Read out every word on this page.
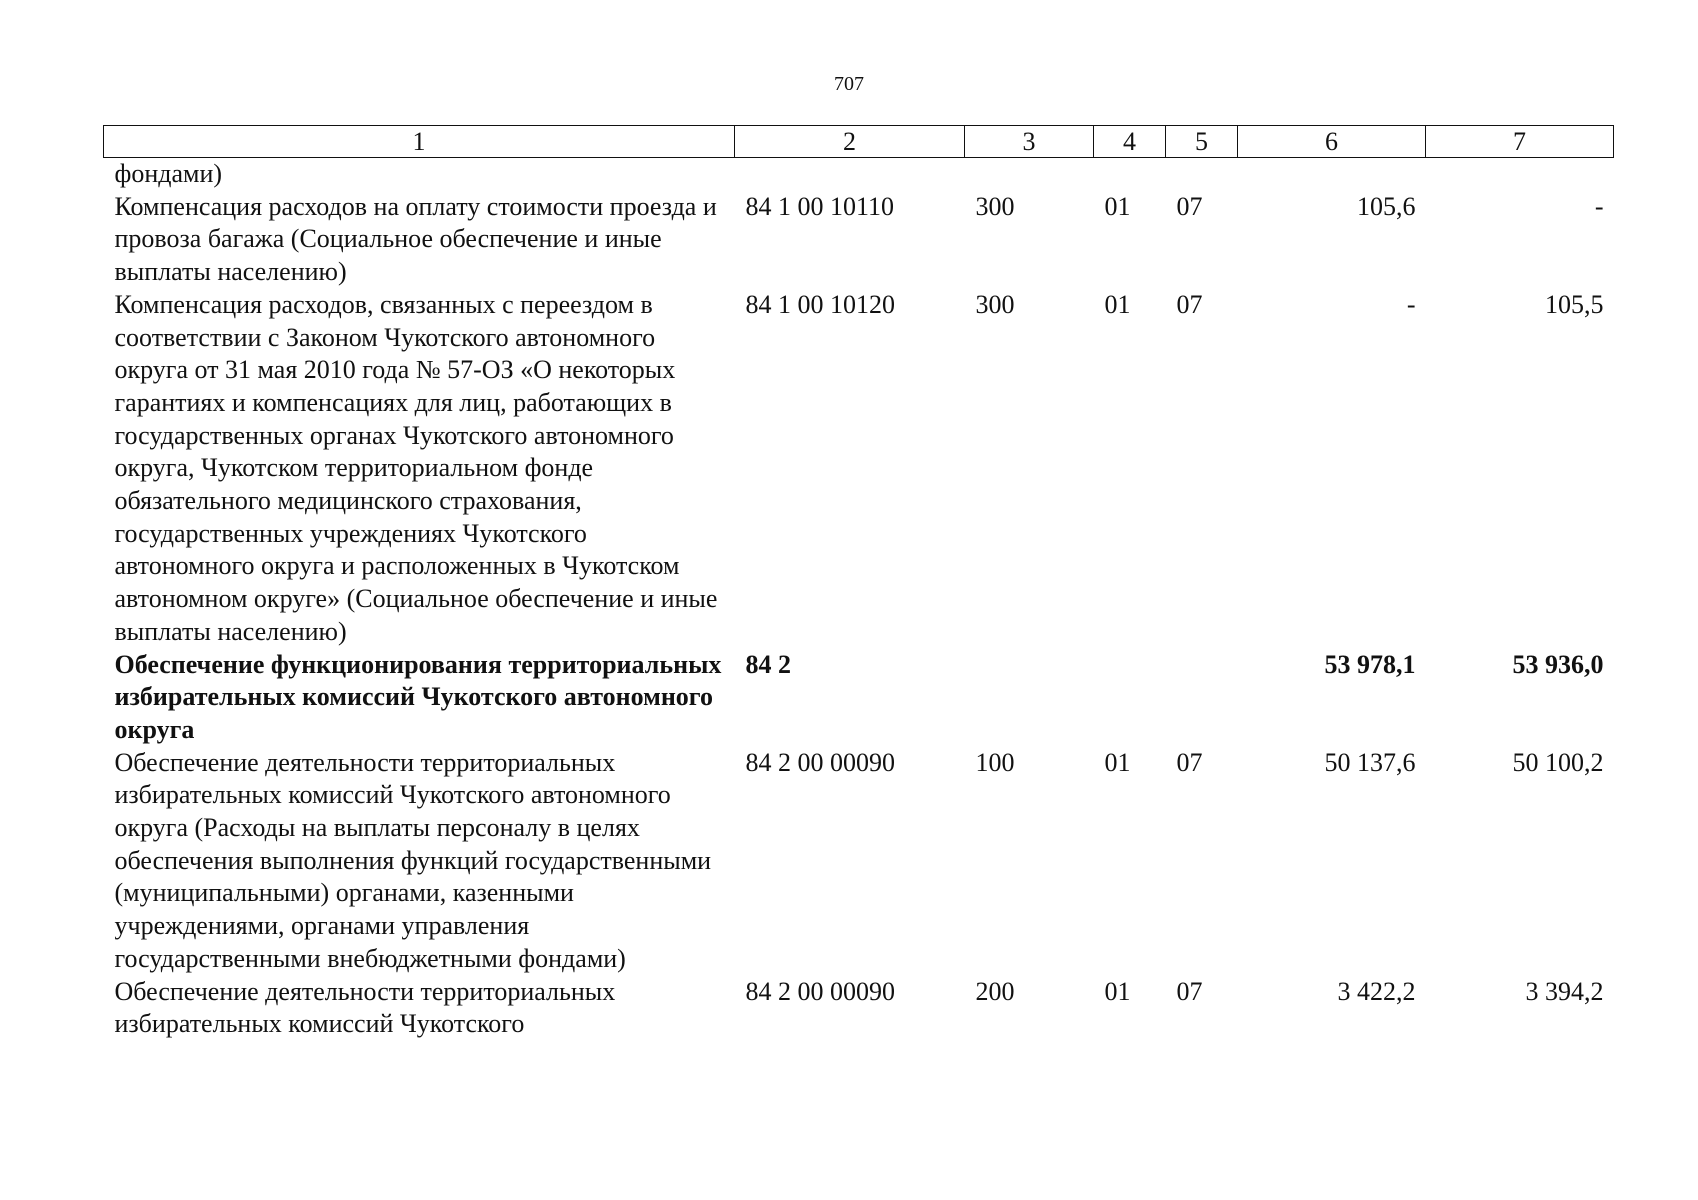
707
1	2	3	4	5	6	7
фондами)						
Компенсация расходов на оплату стоимости проезда и провоза багажа (Социальное обеспечение и иные выплаты населению)	84 1 00 10110	300	01	07	105,6	-
Компенсация расходов, связанных с переездом в соответствии с Законом Чукотского автономного округа от 31 мая 2010 года № 57-ОЗ «О некоторых гарантиях и компенсациях для лиц, работающих в государственных органах Чукотского автономного округа, Чукотском территориальном фонде обязательного медицинского страхования, государственных учреждениях Чукотского автономного округа и расположенных в Чукотском автономном округе» (Социальное обеспечение и иные выплаты населению)	84 1 00 10120	300	01	07	-	105,5
Обеспечение функционирования территориальных избирательных комиссий Чукотского автономного округа	84 2				53 978,1	53 936,0
Обеспечение деятельности территориальных избирательных комиссий Чукотского автономного округа (Расходы на выплаты персоналу в целях обеспечения выполнения функций государственными (муниципальными) органами, казенными учреждениями, органами управления государственными внебюджетными фондами)	84 2 00 00090	100	01	07	50 137,6	50 100,2
Обеспечение деятельности территориальных избирательных комиссий Чукотского	84 2 00 00090	200	01	07	3 422,2	3 394,2
